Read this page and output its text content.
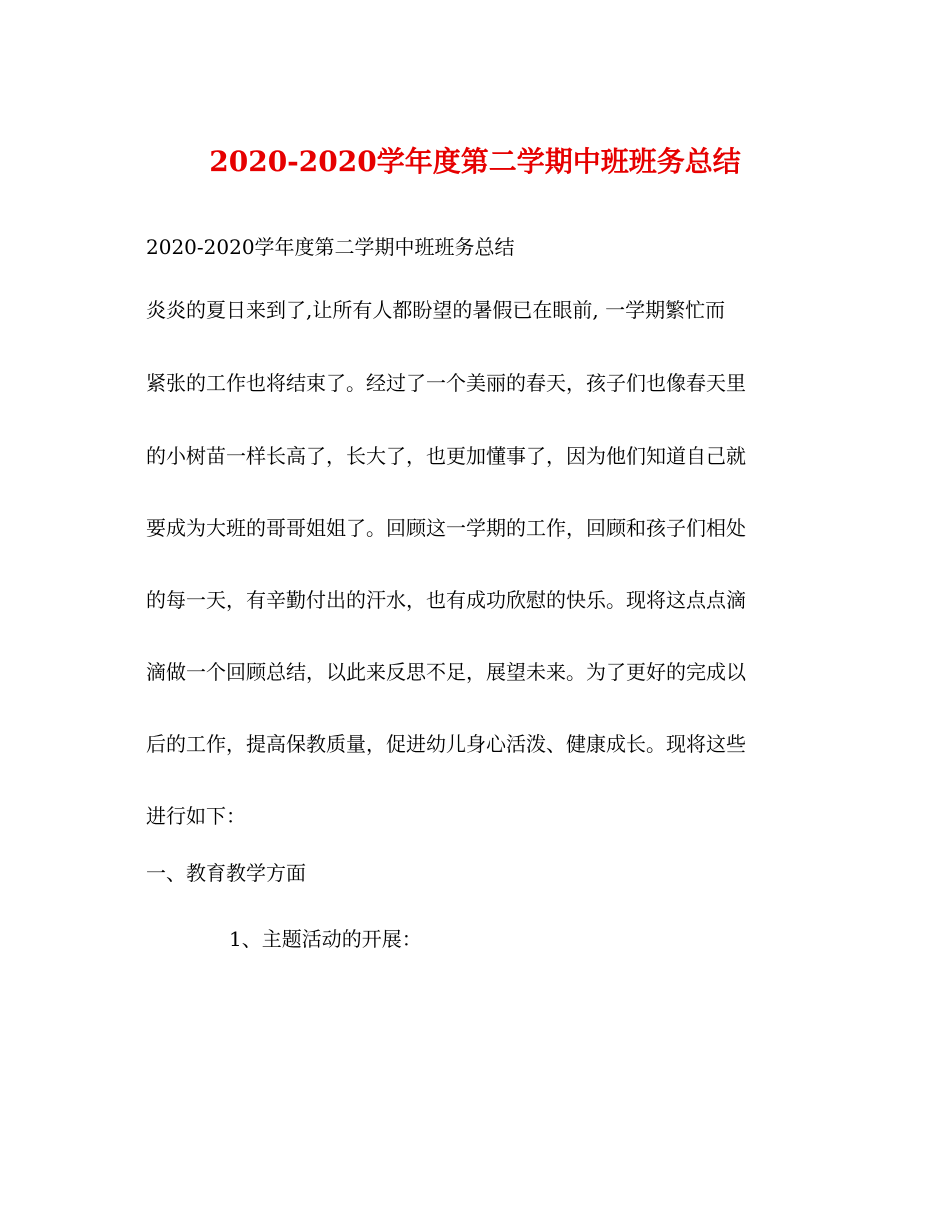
2020-2020学年度第二学期中班班务总结
2020-2020学年度第二学期中班班务总结
炎炎的夏日来到了,让所有人都盼望的暑假已在眼前, 一学期繁忙而
紧张的工作也将结束了。经过了一个美丽的春天，孩子们也像春天里
的小树苗一样长高了，长大了，也更加懂事了，因为他们知道自己就
要成为大班的哥哥姐姐了。回顾这一学期的工作，回顾和孩子们相处
的每一天，有辛勤付出的汗水，也有成功欣慰的快乐。现将这点点滴
滴做一个回顾总结，以此来反思不足，展望未来。为了更好的完成以
后的工作，提高保教质量，促进幼儿身心活泼、健康成长。现将这些
进行如下：
一、教育教学方面
1、主题活动的开展：
